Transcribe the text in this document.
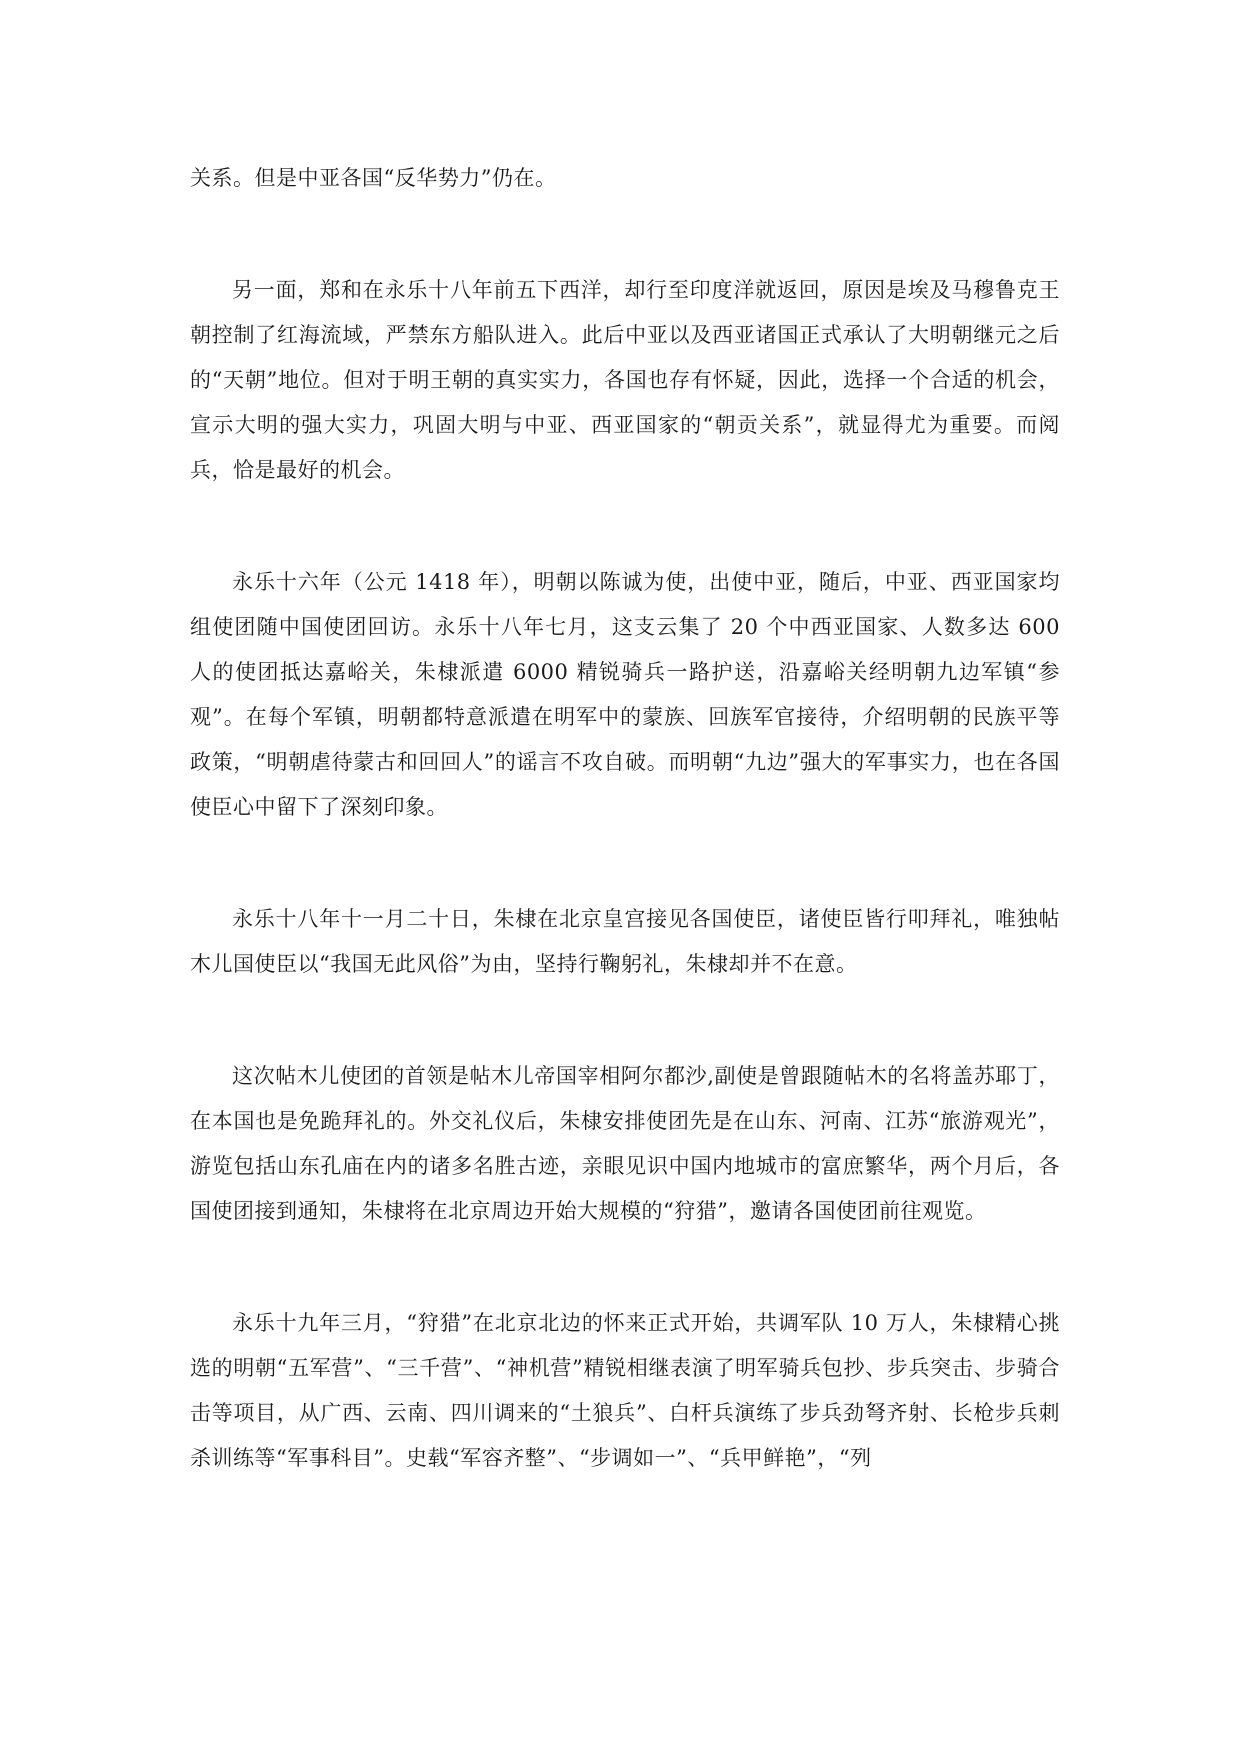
关系。但是中亚各国“反华势力”仍在。

另一面，郑和在永乐十八年前五下西洋，却行至印度洋就返回，原因是埃及马穆鲁克王朝控制了红海流域，严禁东方船队进入。此后中亚以及西亚诸国正式承认了大明朝继元之后的“天朝”地位。但对于明王朝的真实实力，各国也存有怀疑，因此，选择一个合适的机会，宣示大明的强大实力，巩固大明与中亚、西亚国家的“朝贡关系”，就显得尤为重要。而阅兵，恰是最好的机会。

永乐十六年（公元 1418 年），明朝以陈诚为使，出使中亚，随后，中亚、西亚国家均组使团随中国使团回访。永乐十八年七月，这支云集了 20 个中西亚国家、人数多达 600 人的使团抵达嘉峪关，朱棣派遣 6000 精锐骑兵一路护送，沿嘉峪关经明朝九边军镇“参观”。在每个军镇，明朝都特意派遣在明军中的蒙族、回族军官接待，介绍明朝的民族平等政策，“明朝虐待蒙古和回回人”的谣言不攻自破。而明朝“九边”强大的军事实力，也在各国使臣心中留下了深刻印象。

永乐十八年十一月二十日，朱棣在北京皇宫接见各国使臣，诸使臣皆行叩拜礼，唯独帖木儿国使臣以“我国无此风俗”为由，坚持行鞠躬礼，朱棣却并不在意。

这次帖木儿使团的首领是帖木儿帝国宰相阿尔都沙,副使是曾跟随帖木的名将盖苏耶丁，在本国也是免跪拜礼的。外交礼仪后，朱棣安排使团先是在山东、河南、江苏“旅游观光”，游览包括山东孔庙在内的诸多名胜古迹，亲眼见识中国内地城市的富庶繁华，两个月后，各国使团接到通知，朱棣将在北京周边开始大规模的“狩猎”，邀请各国使团前往观览。

永乐十九年三月，“狩猎”在北京北边的怀来正式开始，共调军队 10 万人，朱棣精心挑选的明朝“五军营”、“三千营”、“神机营”精锐相继表演了明军骑兵包抄、步兵突击、步骑合击等项目，从广西、云南、四川调来的“土狼兵”、白杆兵演练了步兵劲弩齐射、长枪步兵刺杀训练等“军事科目”。史载“军容齐整”、“步调如一”、“兵甲鲜艳”，“列
